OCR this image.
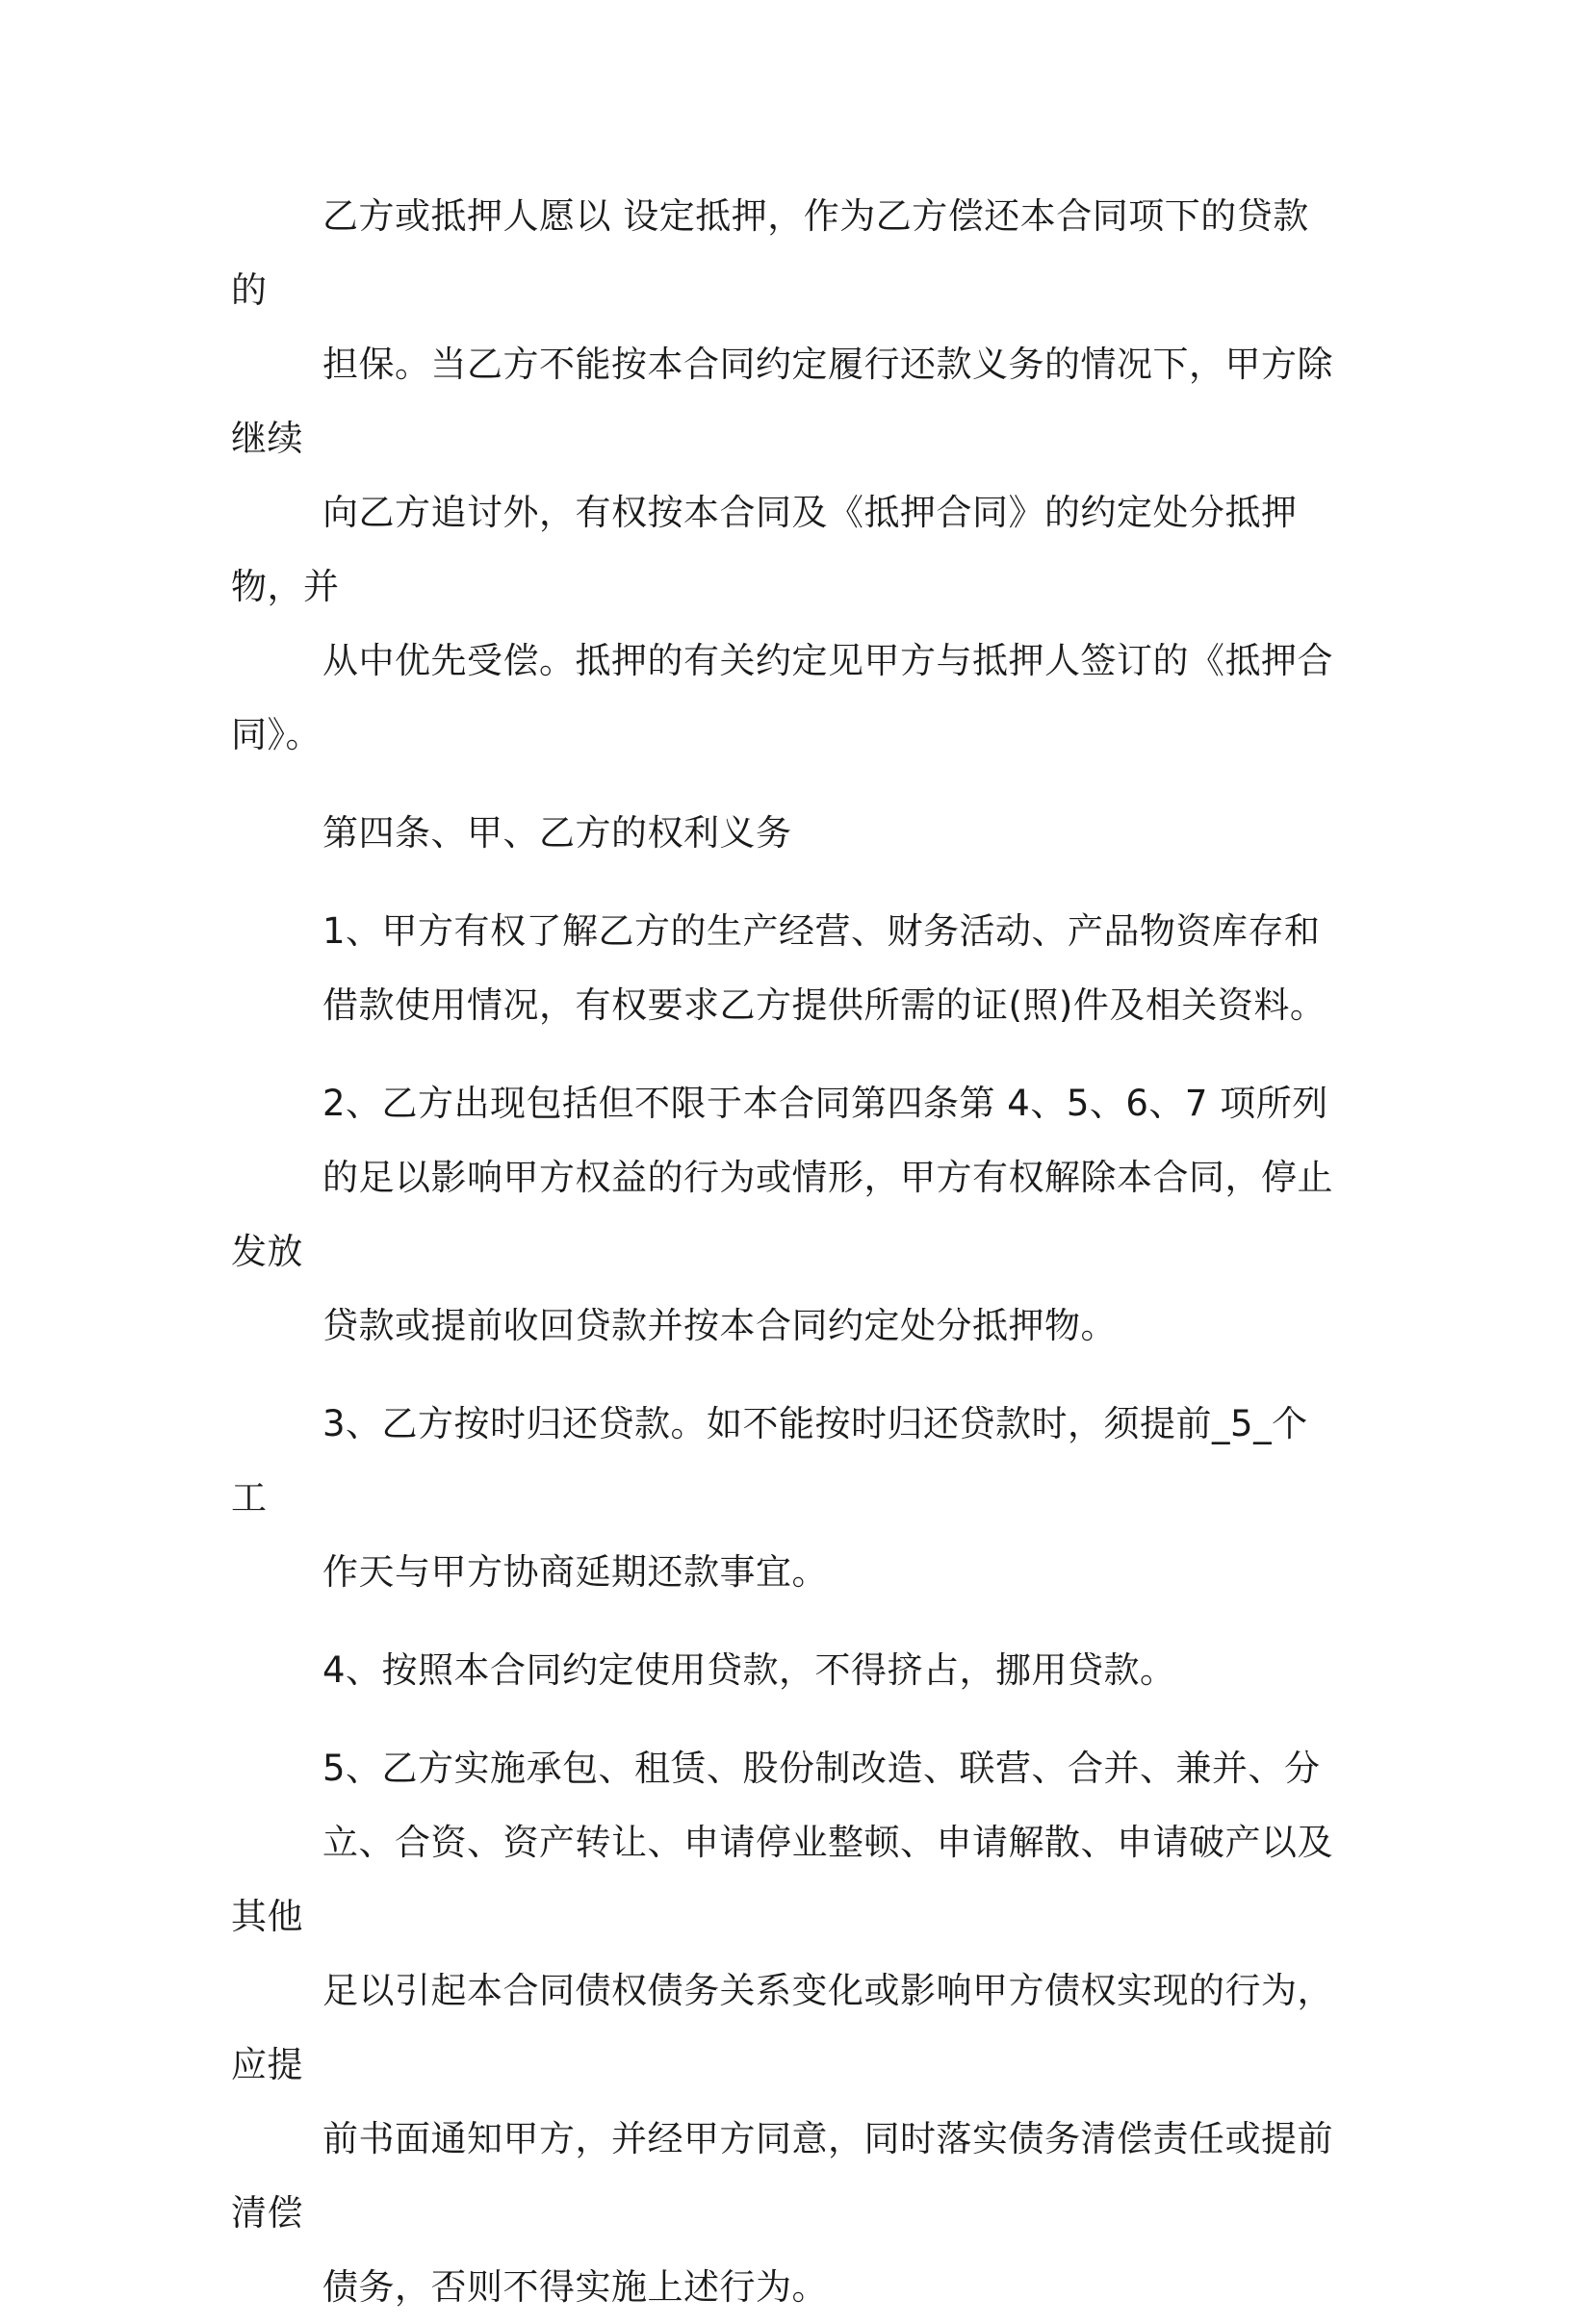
乙方或抵押人愿以 设定抵押，作为乙方偿还本合同项下的贷款的
担保。当乙方不能按本合同约定履行还款义务的情况下，甲方除继续
向乙方追讨外，有权按本合同及《抵押合同》的约定处分抵押物，并
从中优先受偿。抵押的有关约定见甲方与抵押人签订的《抵押合同》。

第四条、甲、乙方的权利义务

1、甲方有权了解乙方的生产经营、财务活动、产品物资库存和
借款使用情况，有权要求乙方提供所需的证(照)件及相关资料。

2、乙方出现包括但不限于本合同第四条第 4、5、6、7 项所列
的足以影响甲方权益的行为或情形，甲方有权解除本合同，停止发放
贷款或提前收回贷款并按本合同约定处分抵押物。

3、乙方按时归还贷款。如不能按时归还贷款时，须提前_5_个工
作天与甲方协商延期还款事宜。

4、按照本合同约定使用贷款，不得挤占，挪用贷款。

5、乙方实施承包、租赁、股份制改造、联营、合并、兼并、分
立、合资、资产转让、申请停业整顿、申请解散、申请破产以及其他
足以引起本合同债权债务关系变化或影响甲方债权实现的行为，应提
前书面通知甲方，并经甲方同意，同时落实债务清偿责任或提前清偿
债务，否则不得实施上述行为。
